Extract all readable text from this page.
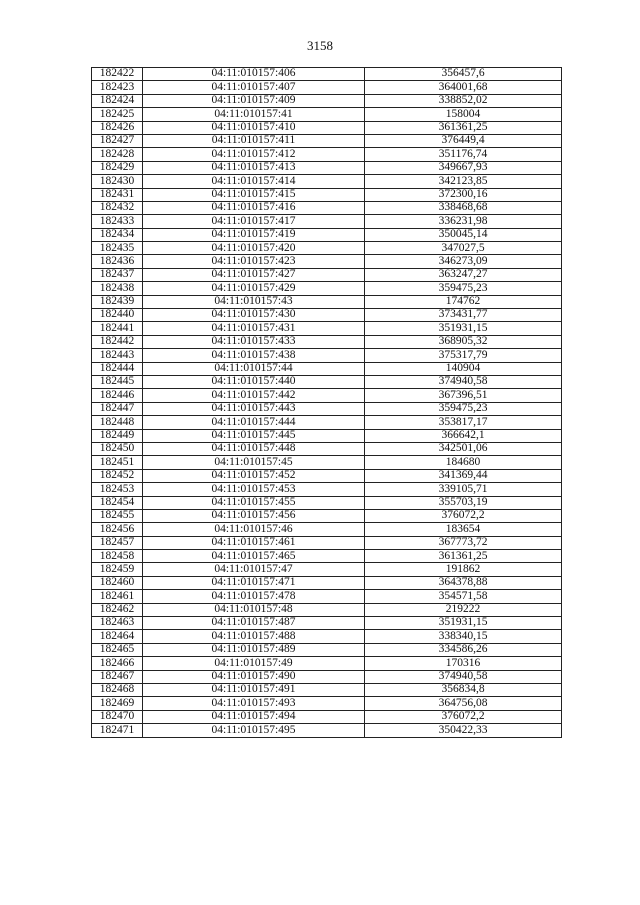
3158
182422	04:11:010157:406	356457,6
182423	04:11:010157:407	364001,68
182424	04:11:010157:409	338852,02
182425	04:11:010157:41	158004
182426	04:11:010157:410	361361,25
182427	04:11:010157:411	376449,4
182428	04:11:010157:412	351176,74
182429	04:11:010157:413	349667,93
182430	04:11:010157:414	342123,85
182431	04:11:010157:415	372300,16
182432	04:11:010157:416	338468,68
182433	04:11:010157:417	336231,98
182434	04:11:010157:419	350045,14
182435	04:11:010157:420	347027,5
182436	04:11:010157:423	346273,09
182437	04:11:010157:427	363247,27
182438	04:11:010157:429	359475,23
182439	04:11:010157:43	174762
182440	04:11:010157:430	373431,77
182441	04:11:010157:431	351931,15
182442	04:11:010157:433	368905,32
182443	04:11:010157:438	375317,79
182444	04:11:010157:44	140904
182445	04:11:010157:440	374940,58
182446	04:11:010157:442	367396,51
182447	04:11:010157:443	359475,23
182448	04:11:010157:444	353817,17
182449	04:11:010157:445	366642,1
182450	04:11:010157:448	342501,06
182451	04:11:010157:45	184680
182452	04:11:010157:452	341369,44
182453	04:11:010157:453	339105,71
182454	04:11:010157:455	355703,19
182455	04:11:010157:456	376072,2
182456	04:11:010157:46	183654
182457	04:11:010157:461	367773,72
182458	04:11:010157:465	361361,25
182459	04:11:010157:47	191862
182460	04:11:010157:471	364378,88
182461	04:11:010157:478	354571,58
182462	04:11:010157:48	219222
182463	04:11:010157:487	351931,15
182464	04:11:010157:488	338340,15
182465	04:11:010157:489	334586,26
182466	04:11:010157:49	170316
182467	04:11:010157:490	374940,58
182468	04:11:010157:491	356834,8
182469	04:11:010157:493	364756,08
182470	04:11:010157:494	376072,2
182471	04:11:010157:495	350422,33
